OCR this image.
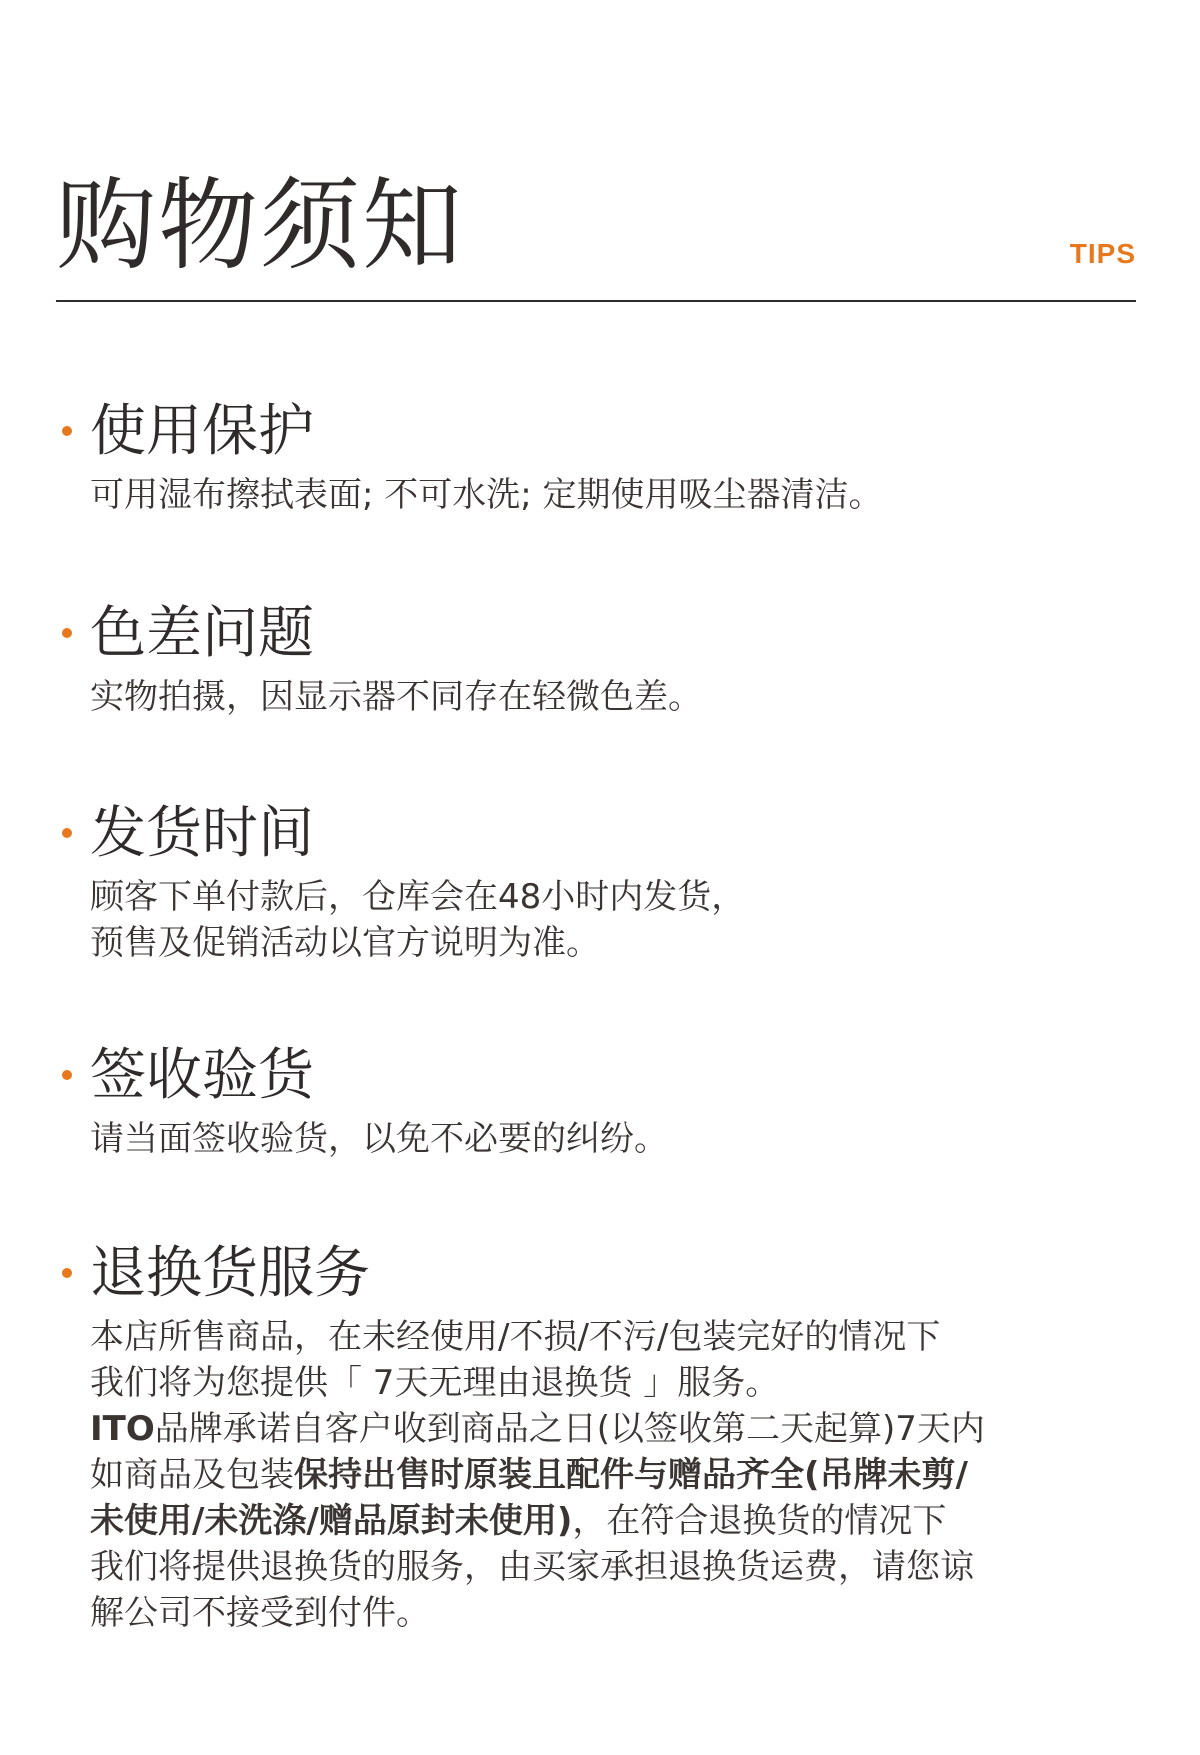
购物须知	TIPS
使用保护
可用湿布擦拭表面; 不可水洗; 定期使用吸尘器清洁。
色差问题
实物拍摄，因显示器不同存在轻微色差。
发货时间
顾客下单付款后，仓库会在48小时内发货，
预售及促销活动以官方说明为准。
签收验货
请当面签收验货，以免不必要的纠纷。
退换货服务
本店所售商品，在未经使用/不损/不污/包装完好的情况下
我们将为您提供「 7天无理由退换货 」服务。
ITO品牌承诺自客户收到商品之日(以签收第二天起算)7天内
如商品及包装保持出售时原装且配件与赠品齐全(吊牌未剪/
未使用/未洗涤/赠品原封未使用)，在符合退换货的情况下
我们将提供退换货的服务，由买家承担退换货运费，请您谅
解公司不接受到付件。
